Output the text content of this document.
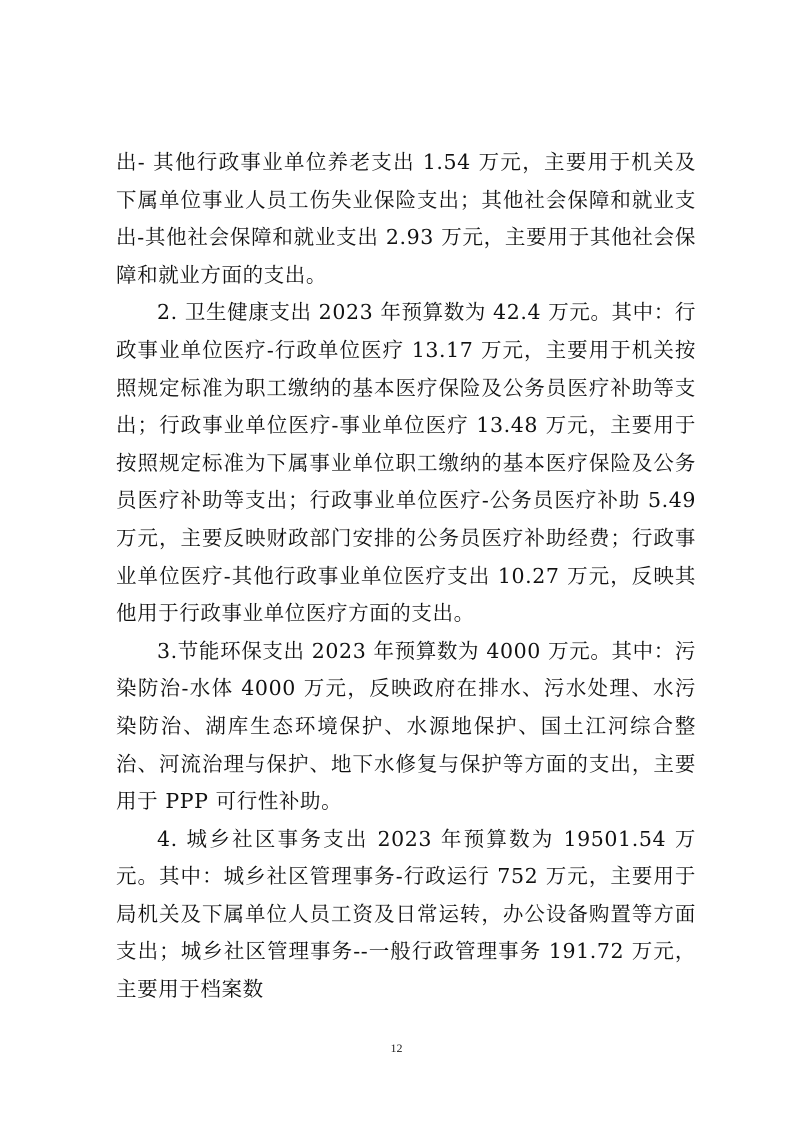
出- 其他行政事业单位养老支出 1.54 万元，主要用于机关及下属单位事业人员工伤失业保险支出；其他社会保障和就业支出-其他社会保障和就业支出 2.93 万元，主要用于其他社会保障和就业方面的支出。

2. 卫生健康支出 2023 年预算数为 42.4 万元。其中：行政事业单位医疗-行政单位医疗 13.17 万元，主要用于机关按照规定标准为职工缴纳的基本医疗保险及公务员医疗补助等支出；行政事业单位医疗-事业单位医疗 13.48 万元，主要用于按照规定标准为下属事业单位职工缴纳的基本医疗保险及公务员医疗补助等支出；行政事业单位医疗-公务员医疗补助 5.49 万元，主要反映财政部门安排的公务员医疗补助经费；行政事业单位医疗-其他行政事业单位医疗支出 10.27 万元，反映其他用于行政事业单位医疗方面的支出。

3.节能环保支出 2023 年预算数为 4000 万元。其中：污染防治-水体 4000 万元，反映政府在排水、污水处理、水污染防治、湖库生态环境保护、水源地保护、国土江河综合整治、河流治理与保护、地下水修复与保护等方面的支出，主要用于 PPP 可行性补助。

4. 城乡社区事务支出 2023 年预算数为 19501.54 万元。其中：城乡社区管理事务-行政运行 752 万元，主要用于局机关及下属单位人员工资及日常运转，办公设备购置等方面支出；城乡社区管理事务--一般行政管理事务 191.72 万元，主要用于档案数

12
